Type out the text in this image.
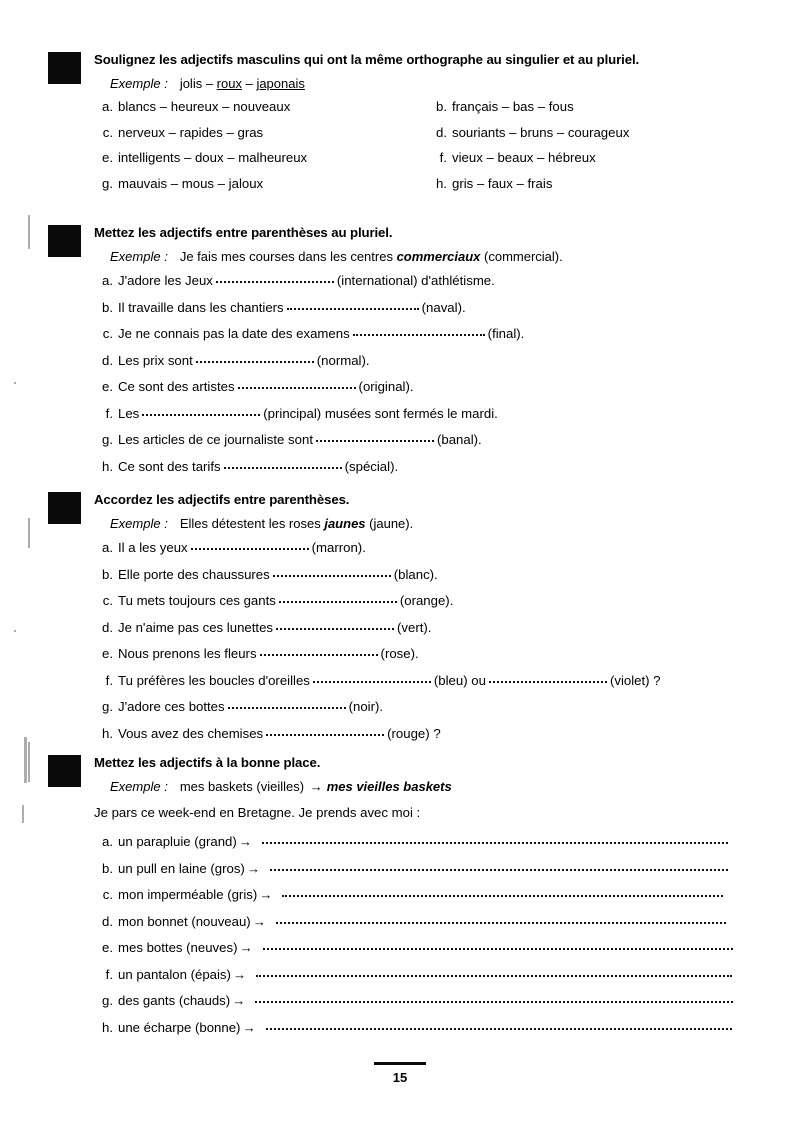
Soulignez les adjectifs masculins qui ont la même orthographe au singulier et au pluriel.

Exemple : jolis – roux – japonais

a. blancs – heureux – nouveaux	b. français – bas – fous
c. nerveux – rapides – gras	d. souriants – bruns – courageux
e. intelligents – doux – malheureux	f. vieux – beaux – hébreux
g. mauvais – mous – jaloux	h. gris – faux – frais

Mettez les adjectifs entre parenthèses au pluriel.

Exemple : Je fais mes courses dans les centres commerciaux (commercial).

a. J'adore les Jeux	(international) d'athlétisme.
b. Il travaille dans les chantiers	(naval).
c. Je ne connais pas la date des examens	(final).
d. Les prix sont	(normal).
e. Ce sont des artistes	(original).
f. Les	(principal) musées sont fermés le mardi.
g. Les articles de ce journaliste sont	(banal).
h. Ce sont des tarifs	(spécial).

Accordez les adjectifs entre parenthèses.

Exemple : Elles détestent les roses jaunes (jaune).

a. Il a les yeux	(marron).
b. Elle porte des chaussures	(blanc).
c. Tu mets toujours ces gants	(orange).
d. Je n'aime pas ces lunettes	(vert).
e. Nous prenons les fleurs	(rose).
f. Tu préfères les boucles d'oreilles	(bleu) ou	(violet) ?
g. J'adore ces bottes	(noir).
h. Vous avez des chemises	(rouge) ?

Mettez les adjectifs à la bonne place.

Exemple : mes baskets (vieilles) → mes vieilles baskets

Je pars ce week-end en Bretagne. Je prends avec moi :

a. un parapluie (grand) →
b. un pull en laine (gros) →
c. mon imperméable (gris) →
d. mon bonnet (nouveau) →
e. mes bottes (neuves) →
f. un pantalon (épais) →
g. des gants (chauds) →
h. une écharpe (bonne) →
15
